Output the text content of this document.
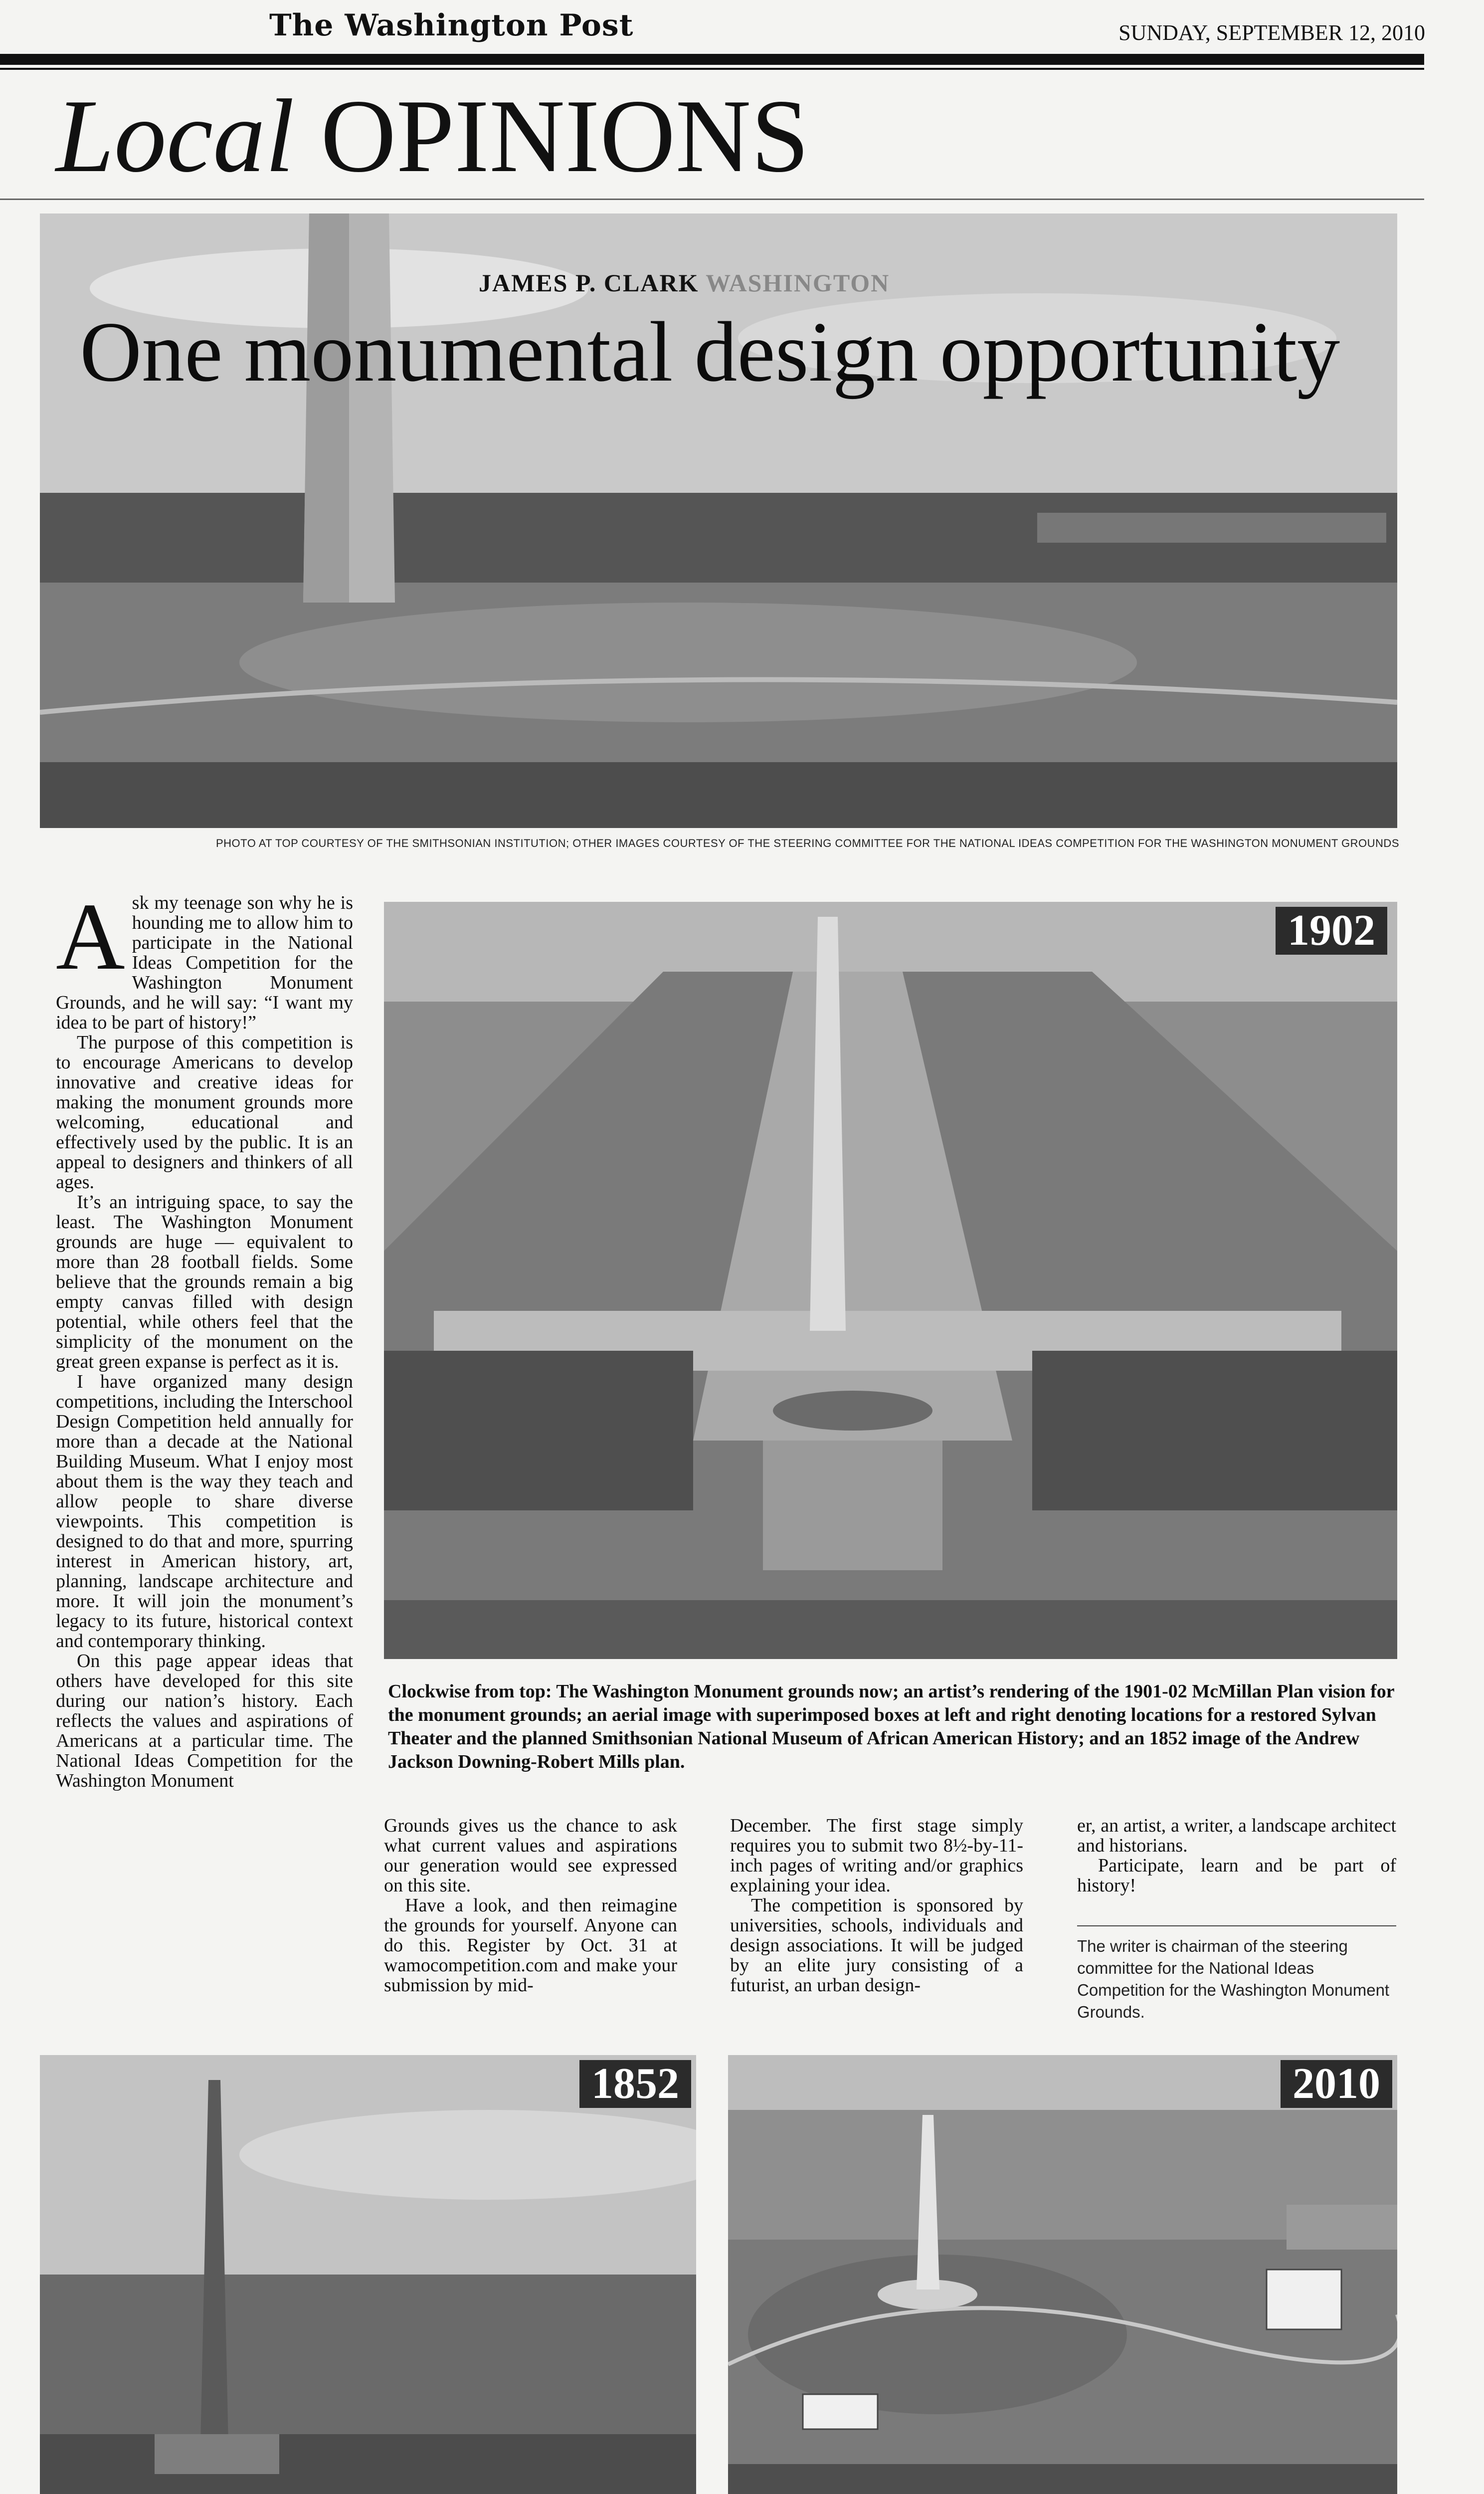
The Washington Post	SUNDAY, SEPTEMBER 12, 2010
Local OPINIONS
JAMES P. CLARK WASHINGTON
One monumental design opportunity
PHOTO AT TOP COURTESY OF THE SMITHSONIAN INSTITUTION; OTHER IMAGES COURTESY OF THE STEERING COMMITTEE FOR THE NATIONAL IDEAS COMPETITION FOR THE WASHINGTON MONUMENT GROUNDS
A sk my teenage son why he is hounding me to allow him to participate in the National Ideas Competition for the Washington Monument Grounds, and he will say: “I want my idea to be part of history!”

The purpose of this competition is to encourage Americans to develop innovative and creative ideas for making the monument grounds more welcoming, educational and effectively used by the public. It is an appeal to designers and thinkers of all ages.

It’s an intriguing space, to say the least. The Washington Monument grounds are huge — equivalent to more than 28 football fields. Some believe that the grounds remain a big empty canvas filled with design potential, while others feel that the simplicity of the monument on the great green expanse is perfect as it is.

I have organized many design competitions, including the Interschool Design Competition held annually for more than a decade at the National Building Museum. What I enjoy most about them is the way they teach and allow people to share diverse viewpoints. This competition is designed to do that and more, spurring interest in American history, art, planning, landscape architecture and more. It will join the monument’s legacy to its future, historical context and contemporary thinking.

On this page appear ideas that others have developed for this site during our nation’s history. Each reflects the values and aspirations of Americans at a particular time. The National Ideas Competition for the Washington Monument

1902
Clockwise from top: The Washington Monument grounds now; an artist’s rendering of the 1901-02 McMillan Plan vision for the monument grounds; an aerial image with superimposed boxes at left and right denoting locations for a restored Sylvan Theater and the planned Smithsonian National Museum of African American History; and an 1852 image of the Andrew Jackson Downing-Robert Mills plan.

Grounds gives us the chance to ask what current values and aspirations our generation would see expressed on this site.

Have a look, and then reimagine the grounds for yourself. Anyone can do this. Register by Oct. 31 at wamocompetition.com and make your submission by mid-

December. The first stage simply requires you to submit two 8½-by-11-inch pages of writing and/or graphics explaining your idea.

The competition is sponsored by universities, schools, individuals and design associations. It will be judged by an elite jury consisting of a futurist, an urban design-

er, an artist, a writer, a landscape architect and historians.

Participate, learn and be part of history!

The writer is chairman of the steering committee for the National Ideas Competition for the Washington Monument Grounds.
1852	2010
